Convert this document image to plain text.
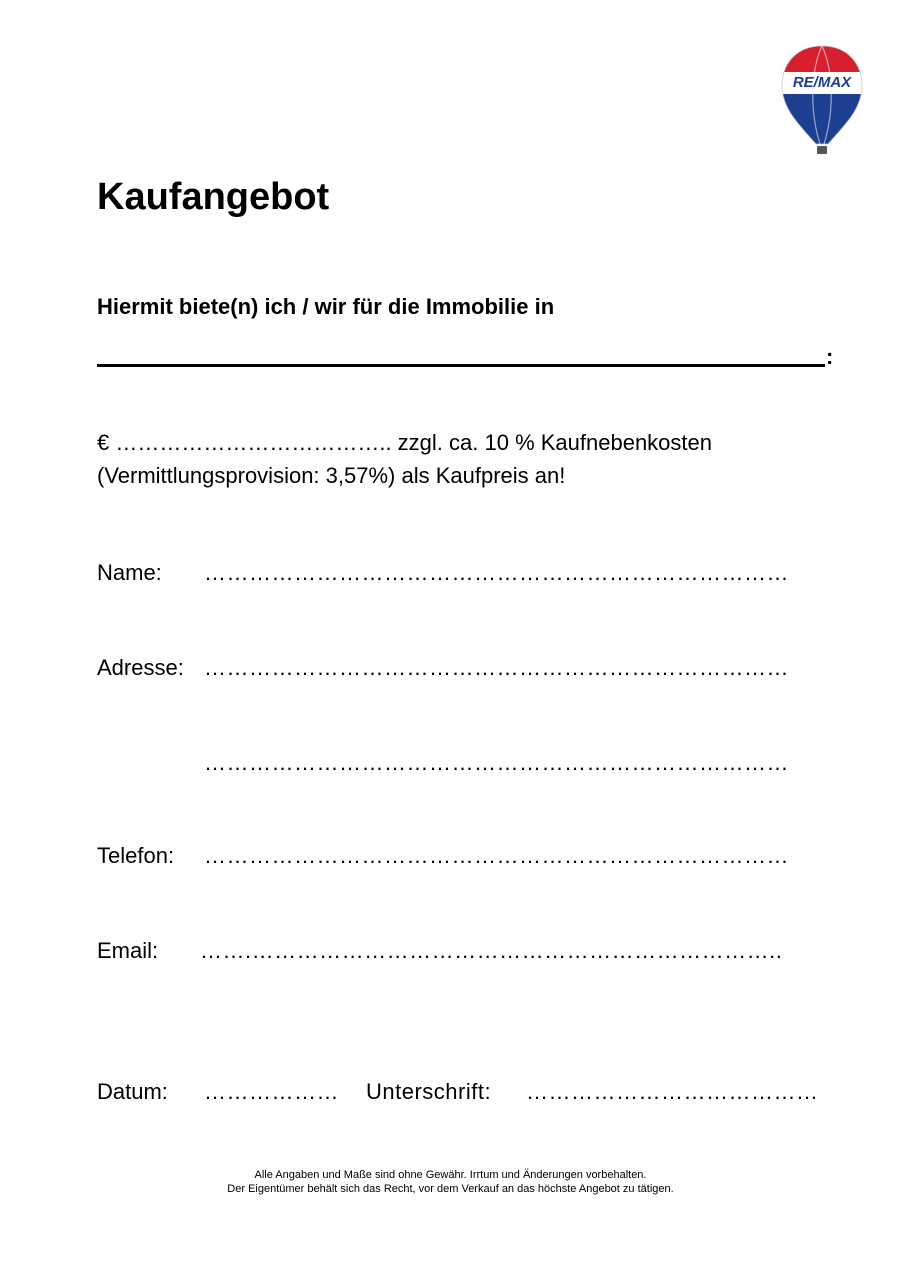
RE/MAX
Kaufangebot
Hiermit biete(n) ich / wir für die Immobilie in
:
€ ……………………………….. zzgl. ca. 10 % Kaufnebenkosten
(Vermittlungsprovision: 3,57%) als Kaufpreis an!
Name: ……………………………………………………………………
Adresse: ……………………………………………………………………
……………………………………………………………………
Telefon: ……………………………………………………………………
Email: …….……………………………………………………………..
Datum: ……………… Unterschrift: …………………………………
Alle Angaben und Maße sind ohne Gewähr. Irrtum und Änderungen vorbehalten.
Der Eigentümer behält sich das Recht, vor dem Verkauf an das höchste Angebot zu tätigen.
